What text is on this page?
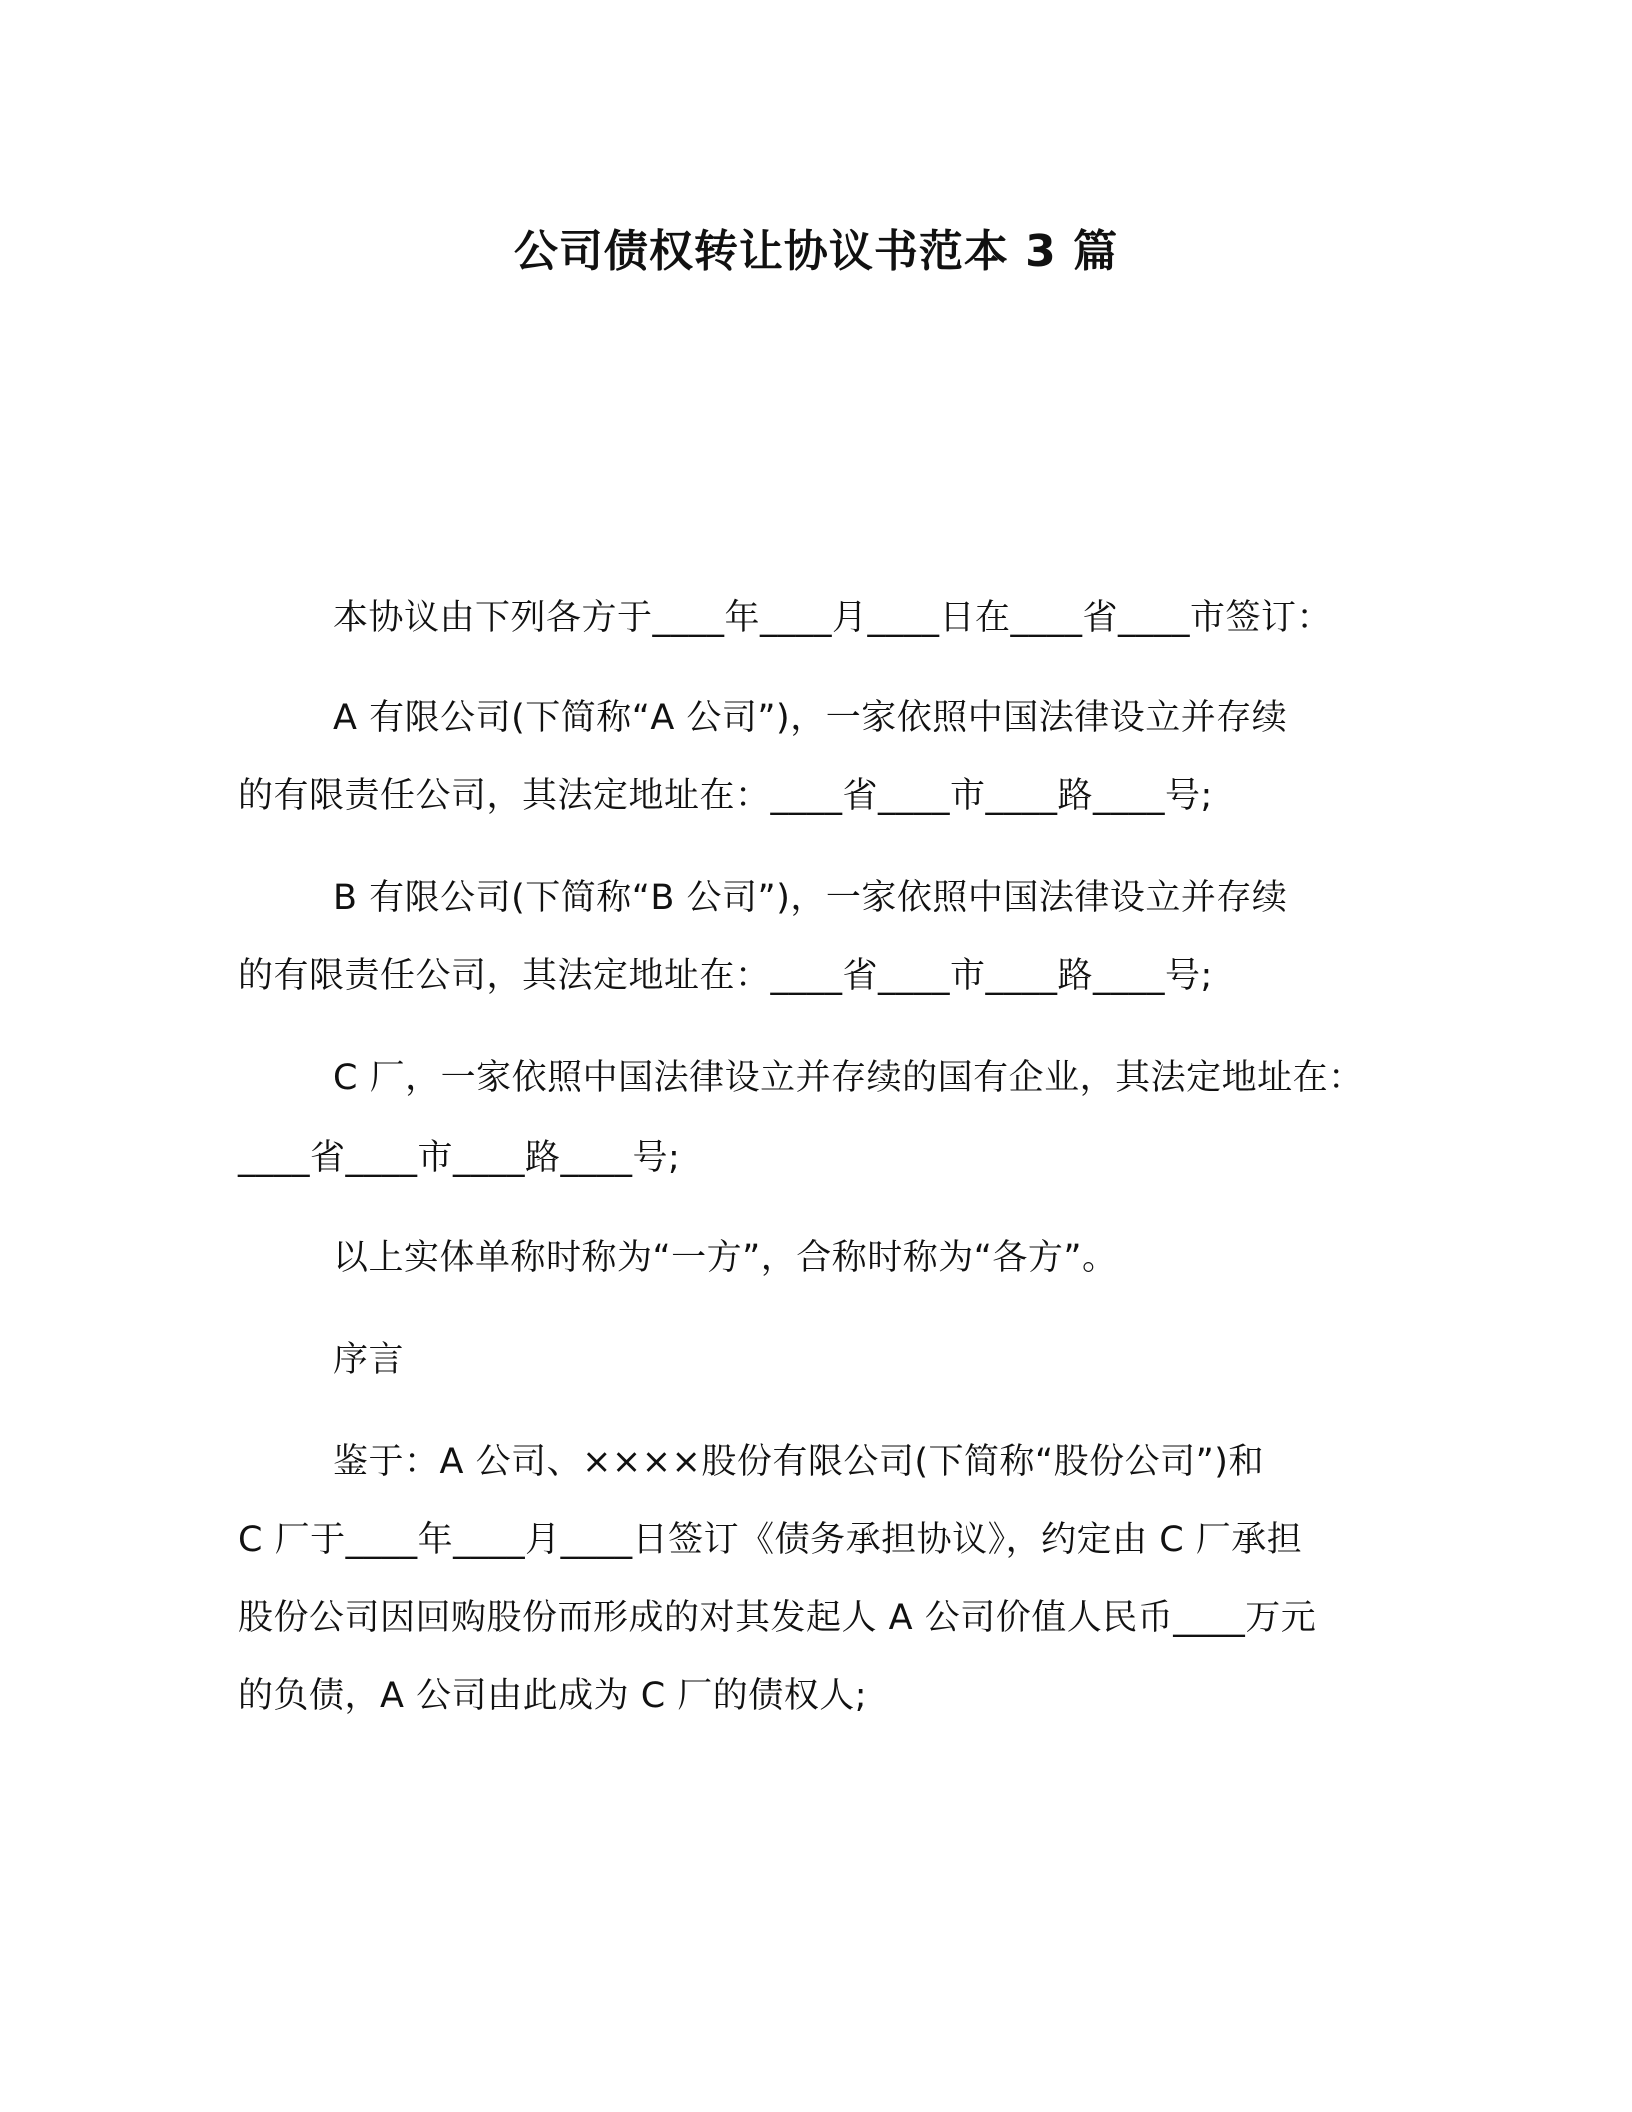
公司债权转让协议书范本 3 篇

本协议由下列各方于____年____月____日在____省____市签订：

A 有限公司(下简称“A 公司”)，一家依照中国法律设立并存续

的有限责任公司，其法定地址在：____省____市____路____号;

B 有限公司(下简称“B 公司”)，一家依照中国法律设立并存续

的有限责任公司，其法定地址在：____省____市____路____号;

C 厂，一家依照中国法律设立并存续的国有企业，其法定地址在：

____省____市____路____号;

以上实体单称时称为“一方”，合称时称为“各方”。

序言

鉴于：A 公司、××××股份有限公司(下简称“股份公司”)和

C 厂于____年____月____日签订《债务承担协议》，约定由 C 厂承担

股份公司因回购股份而形成的对其发起人 A 公司价值人民币____万元

的负债，A 公司由此成为 C 厂的债权人;
